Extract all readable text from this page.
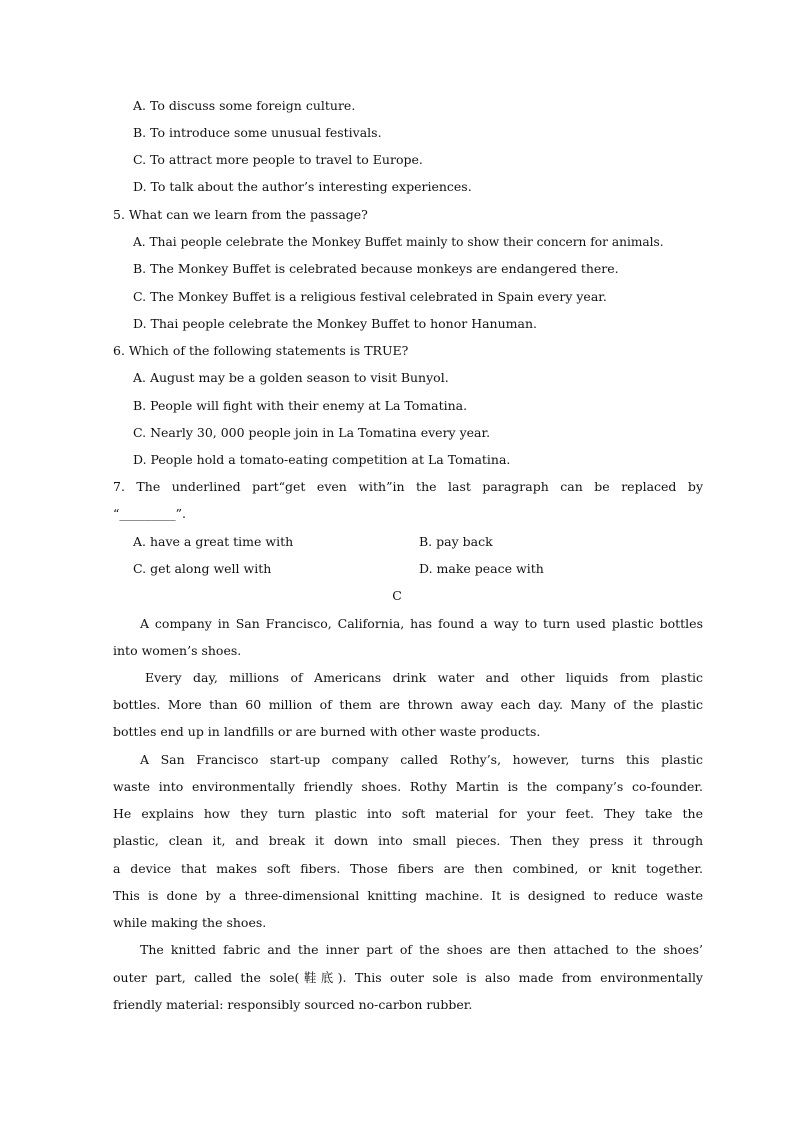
A. To discuss some foreign culture.
B. To introduce some unusual festivals.
C. To attract more people to travel to Europe.
D. To talk about the author’s interesting experiences.
5. What can we learn from the passage?
A. Thai people celebrate the Monkey Buffet mainly to show their concern for animals.
B. The Monkey Buffet is celebrated because monkeys are endangered there.
C. The Monkey Buffet is a religious festival celebrated in Spain every year.
D. Thai people celebrate the Monkey Buffet to honor Hanuman.
6. Which of the following statements is TRUE?
A. August may be a golden season to visit Bunyol.
B. People will fight with their enemy at La Tomatina.
C. Nearly 30, 000 people join in La Tomatina every year.
D. People hold a tomato-eating competition at La Tomatina.
7. The underlined part“get even with”in the last paragraph can be replaced by
“_________”.
A. have a great time with	B. pay back
C. get along well with	D. make peace with
C
A company in San Francisco, California, has found a way to turn used plastic bottles
into women’s shoes.
Every day, millions of Americans drink water and other liquids from plastic
bottles. More than 60 million of them are thrown away each day. Many of the plastic
bottles end up in landfills or are burned with other waste products.
A San Francisco start-up company called Rothy’s, however, turns this plastic
waste into environmentally friendly shoes. Rothy Martin is the company’s co-founder.
He explains how they turn plastic into soft material for your feet. They take the
plastic, clean it, and break it down into small pieces. Then they press it through
a device that makes soft fibers. Those fibers are then combined, or knit together.
This is done by a three-dimensional knitting machine. It is designed to reduce waste
while making the shoes.
The knitted fabric and the inner part of the shoes are then attached to the shoes’
outer part, called the sole(鞋底). This outer sole is also made from environmentally
friendly material: responsibly sourced no-carbon rubber.
